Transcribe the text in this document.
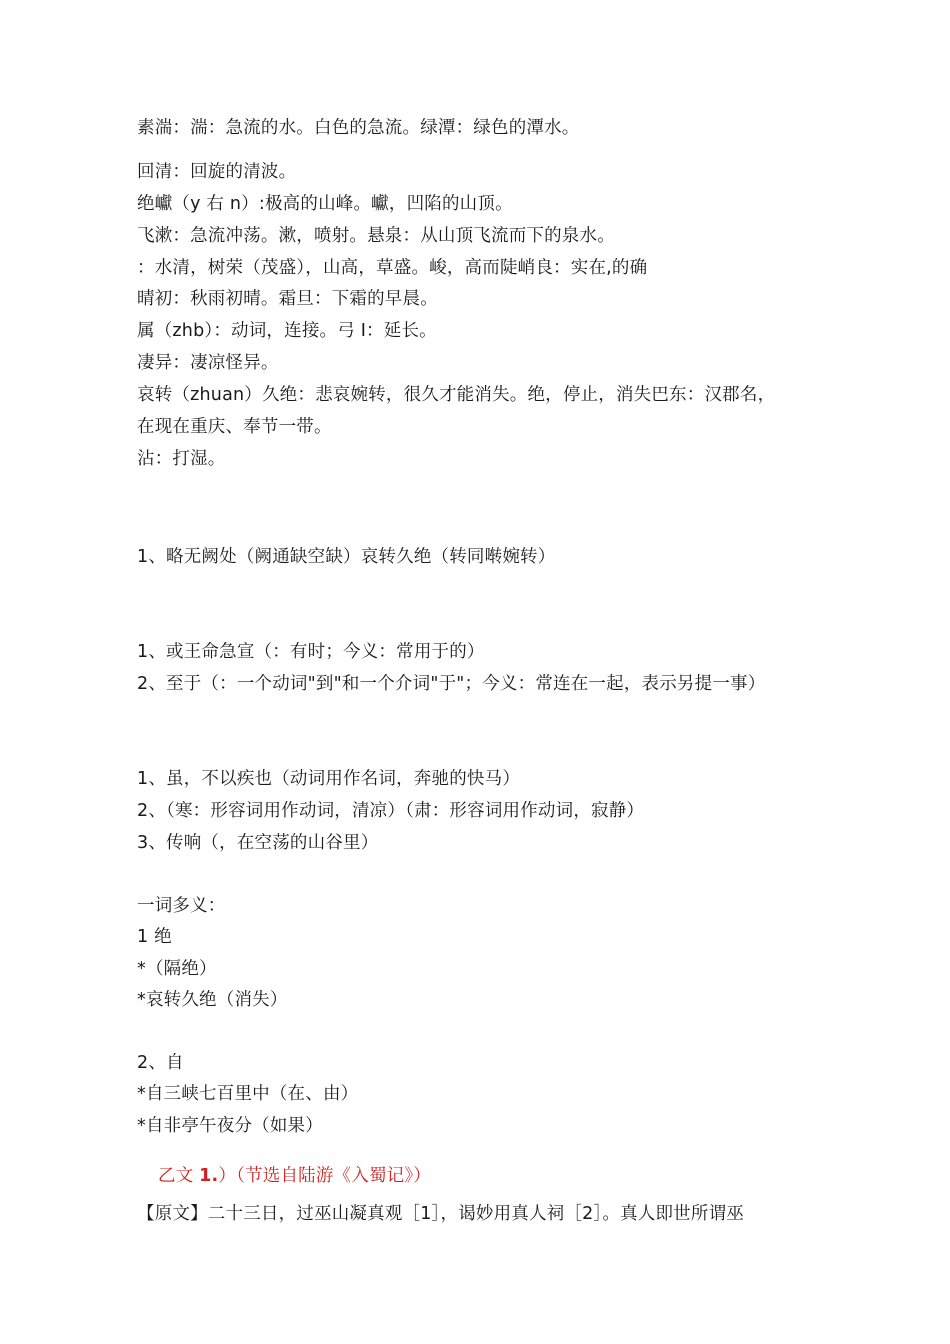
素湍：湍：急流的水。白色的急流。绿潭：绿色的潭水。
回清：回旋的清波。
绝巘（y 右 n）:极高的山峰。巘，凹陷的山顶。
飞漱：急流冲荡。漱，喷射。悬泉：从山顶飞流而下的泉水。
：水清，树荣（茂盛），山高，草盛。峻，高而陡峭良：实在,的确
晴初：秋雨初晴。霜旦：下霜的早晨。
属（zhb）：动词，连接。弓 I：延长。
凄异：凄凉怪异。
哀转（zhuan）久绝：悲哀婉转，很久才能消失。绝，停止，消失巴东：汉郡名，
在现在重庆、奉节一带。
沾：打湿。
1、略无阙处（阙通缺空缺）哀转久绝（转同啭婉转）
1、或王命急宣（：有时；今义：常用于的）
2、至于（：一个动词"到"和一个介词"于"；今义：常连在一起，表示另提一事）
1、虽，不以疾也（动词用作名词，奔驰的快马）
2、（寒：形容词用作动词，清凉）（肃：形容词用作动词，寂静）
3、传响（，在空荡的山谷里）
一词多义：
1 绝
*（隔绝）
*哀转久绝（消失）
2、自
*自三峡七百里中（在、由）
*自非亭午夜分（如果）
乙文 1.）（节选自陆游《入蜀记》）
【原文】二十三日，过巫山凝真观［1］，谒妙用真人祠［2］。真人即世所谓巫
